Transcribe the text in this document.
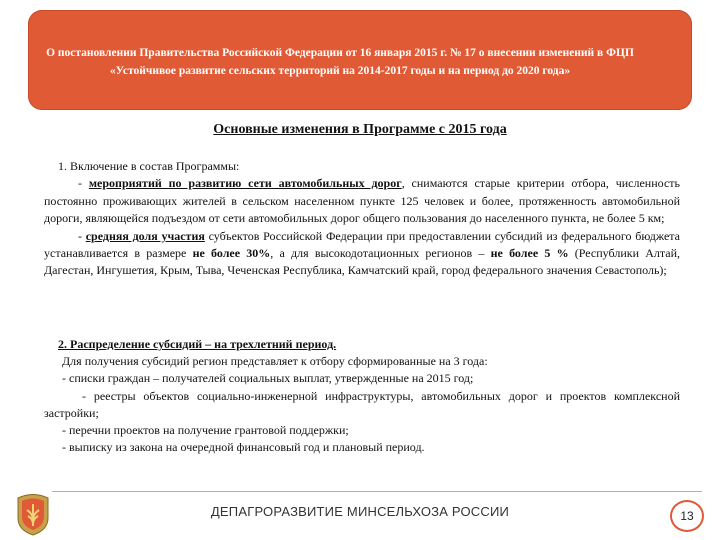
О постановлении Правительства Российской Федерации от 16 января 2015 г. № 17 о внесении изменений в ФЦП «Устойчивое развитие сельских территорий на 2014-2017 годы и на период до 2020 года»
Основные изменения в Программе с 2015 года
1. Включение в состав Программы:

- мероприятий по развитию сети автомобильных дорог, снимаются старые критерии отбора, численность постоянно проживающих жителей в сельском населенном пункте 125 человек и более, протяженность автомобильной дороги, являющейся подъездом от сети автомобильных дорог общего пользования до населенного пункта, не более 5 км;

- средняя доля участия субъектов Российской Федерации при предоставлении субсидий из федерального бюджета устанавливается в размере не более 30%, а для высокодотационных регионов – не более 5 % (Республики Алтай, Дагестан, Ингушетия, Крым, Тыва, Чеченская Республика, Камчатский край, город федерального значения Севастополь);

2. Распределение субсидий – на трехлетний период.

Для получения субсидий регион представляет к отбору сформированные на 3 года:

- списки граждан – получателей социальных выплат, утвержденные на 2015 год;

- реестры объектов социально-инженерной инфраструктуры, автомобильных дорог и проектов комплексной застройки;

- перечни проектов на получение грантовой поддержки;

- выписку из закона на очередной финансовый год и плановый период.

ДЕПАГРОРАЗВИТИЕ МИНСЕЛЬХОЗА РОССИИ	13
